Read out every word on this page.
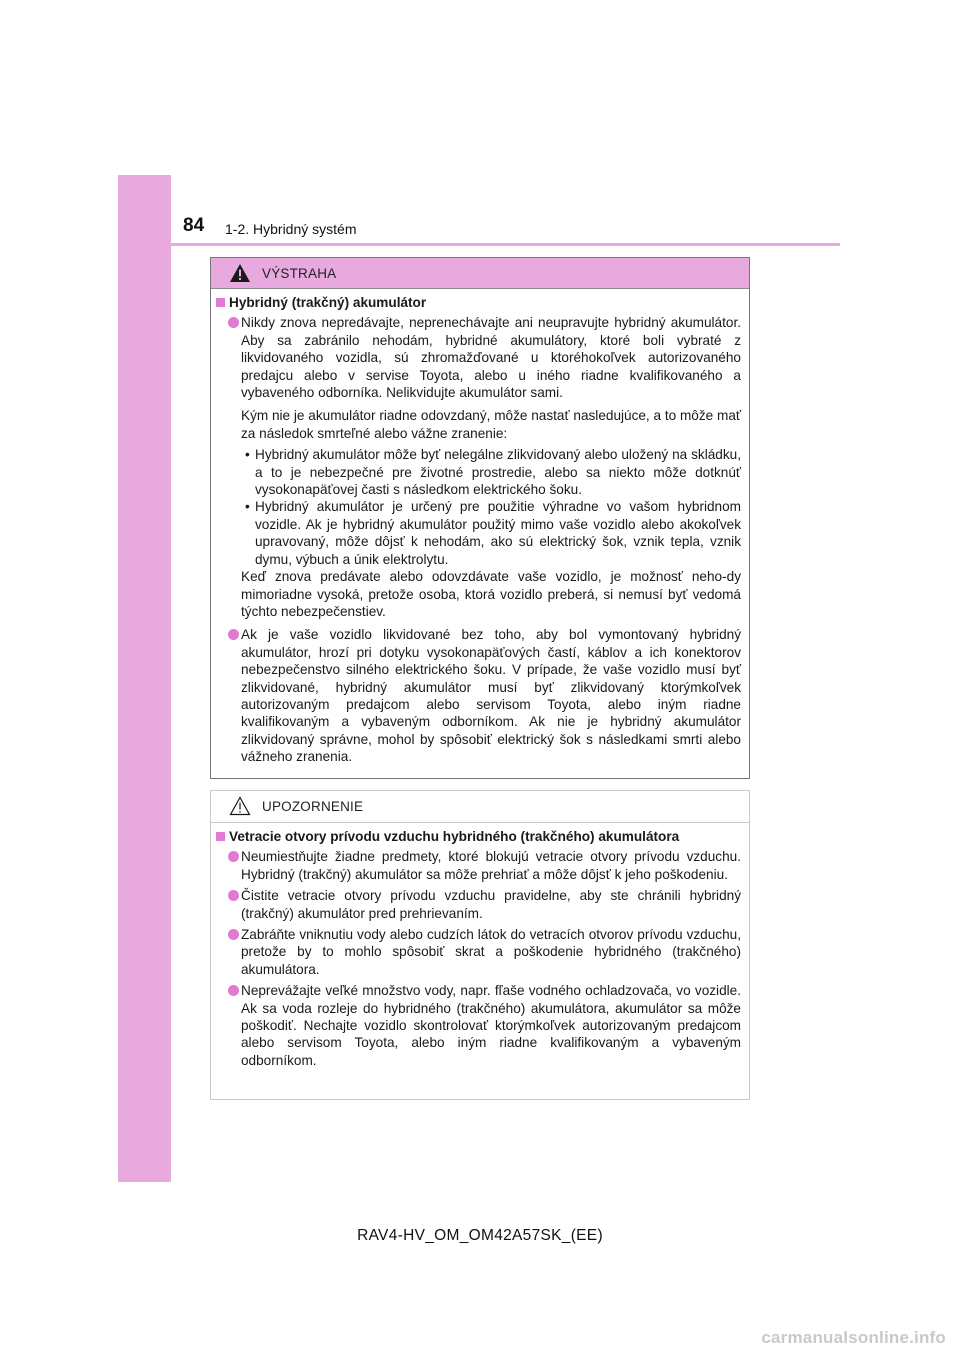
84 1-2. Hybridný systém
VÝSTRAHA
Hybridný (trakčný) akumulátor
Nikdy znova nepredávajte, neprenechávajte ani neupravujte hybridný akumulátor. Aby sa zabránilo nehodám, hybridné akumulátory, ktoré boli vybraté z likvidovaného vozidla, sú zhromažďované u ktoréhokoľvek autorizovaného predajcu alebo v servise Toyota, alebo u iného riadne kvalifikovaného a vybaveného odborníka. Nelikvidujte akumulátor sami.
Kým nie je akumulátor riadne odovzdaný, môže nastať nasledujúce, a to môže mať za následok smrteľné alebo vážne zranenie:
• Hybridný akumulátor môže byť nelegálne zlikvidovaný alebo uložený na skládku, a to je nebezpečné pre životné prostredie, alebo sa niekto môže dotknúť vysokonapäťovej časti s následkom elektrického šoku.
• Hybridný akumulátor je určený pre použitie výhradne vo vašom hybridnom vozidle. Ak je hybridný akumulátor použitý mimo vaše vozidlo alebo akokoľvek upravovaný, môže dôjsť k nehodám, ako sú elektrický šok, vznik tepla, vznik dymu, výbuch a únik elektrolytu.
Keď znova predávate alebo odovzdávate vaše vozidlo, je možnosť neho-dy mimoriadne vysoká, pretože osoba, ktorá vozidlo preberá, si nemusí byť vedomá týchto nebezpečenstiev.
Ak je vaše vozidlo likvidované bez toho, aby bol vymontovaný hybridný akumulátor, hrozí pri dotyku vysokonapäťových častí, káblov a ich konektorov nebezpečenstvo silného elektrického šoku. V prípade, že vaše vozidlo musí byť zlikvidované, hybridný akumulátor musí byť zlikvidovaný ktorýmkoľvek autorizovaným predajcom alebo servisom Toyota, alebo iným riadne kvalifikovaným a vybaveným odborníkom. Ak nie je hybridný akumulátor zlikvidovaný správne, mohol by spôsobiť elektrický šok s následkami smrti alebo vážneho zranenia.
UPOZORNENIE
Vetracie otvory prívodu vzduchu hybridného (trakčného) akumulátora
Neumiestňujte žiadne predmety, ktoré blokujú vetracie otvory prívodu vzduchu. Hybridný (trakčný) akumulátor sa môže prehriať a môže dôjsť k jeho poškodeniu.
Čistite vetracie otvory prívodu vzduchu pravidelne, aby ste chránili hybridný (trakčný) akumulátor pred prehrievaním.
Zabráňte vniknutiu vody alebo cudzích látok do vetracích otvorov prívodu vzduchu, pretože by to mohlo spôsobiť skrat a poškodenie hybridného (trakčného) akumulátora.
Neprevážajte veľké množstvo vody, napr. fľaše vodného ochladzovača, vo vozidle. Ak sa voda rozleje do hybridného (trakčného) akumulátora, akumulátor sa môže poškodiť. Nechajte vozidlo skontrolovať ktorýmkoľvek autorizovaným predajcom alebo servisom Toyota, alebo iným riadne kvalifikovaným a vybaveným odborníkom.
RAV4-HV_OM_OM42A57SK_(EE)
carmanualsonline.info
